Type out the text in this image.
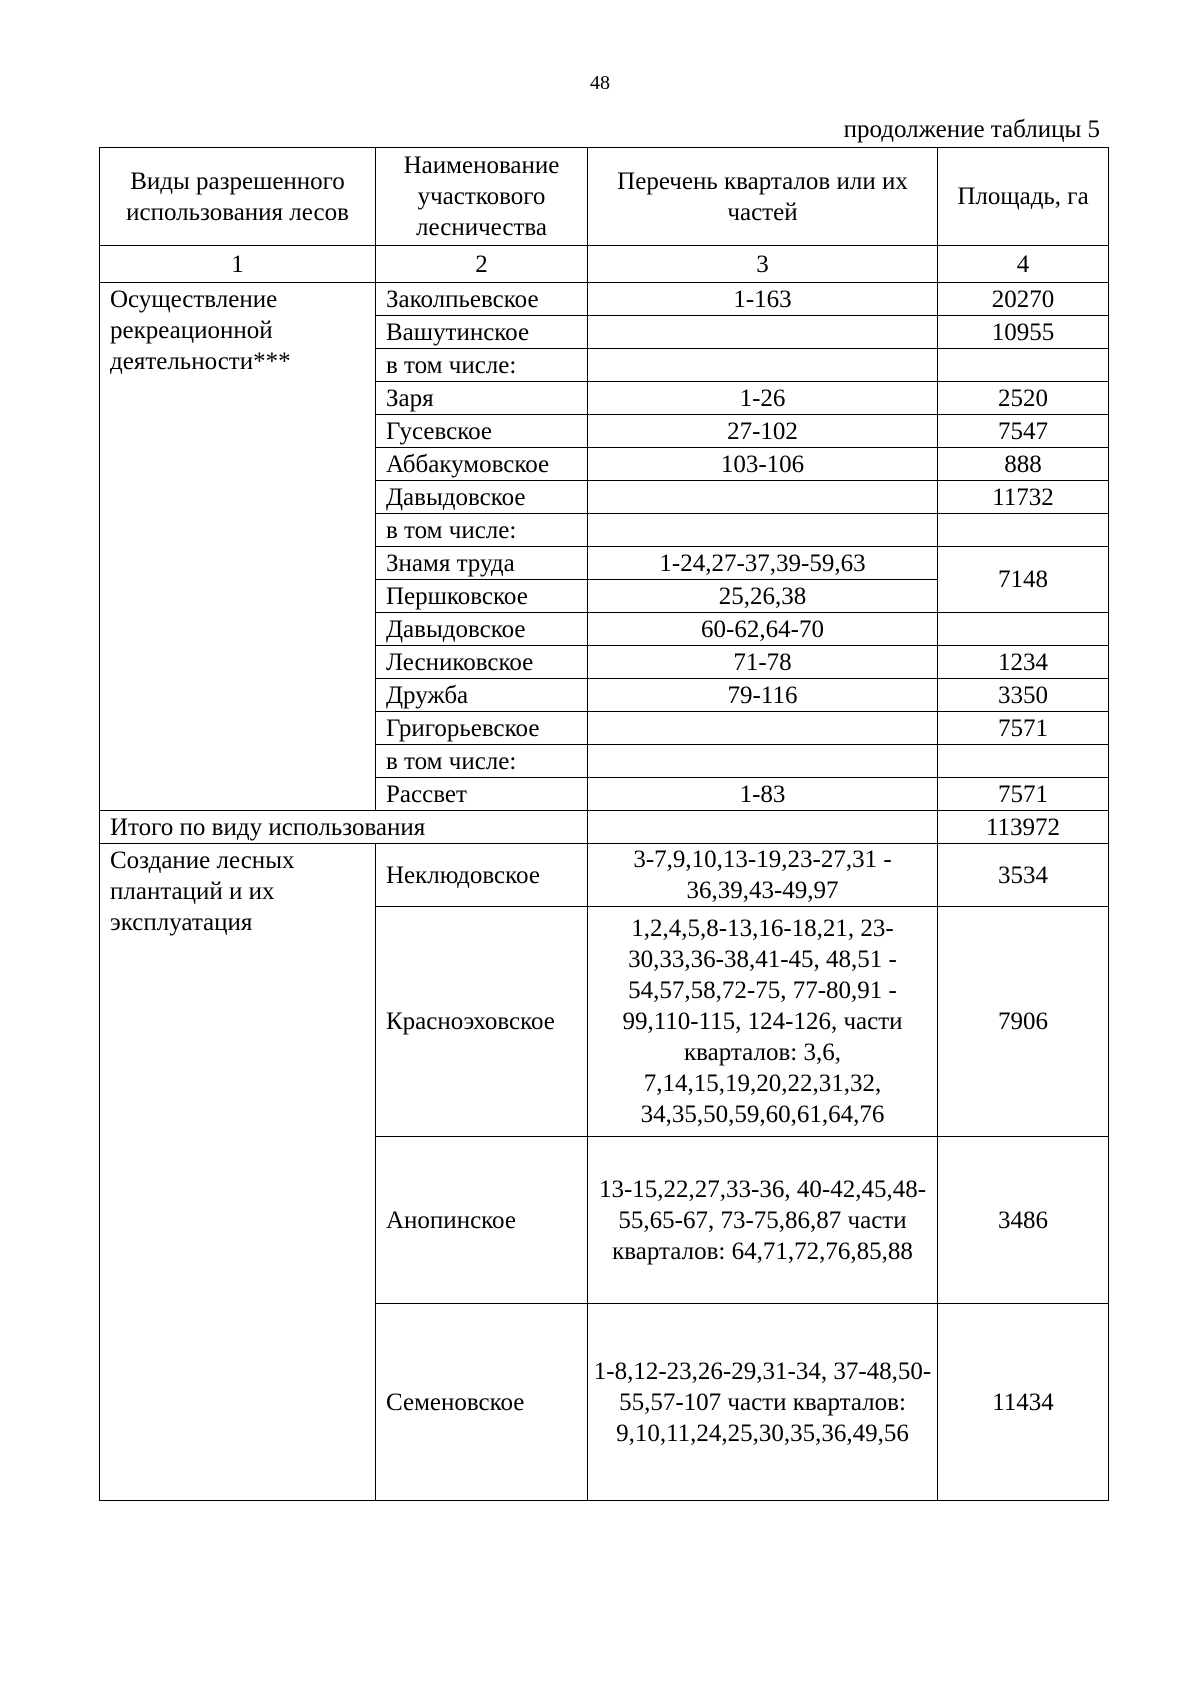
48
продолжение таблицы 5
Виды разрешенного использования лесов	Наименование участкового лесничества	Перечень кварталов или их частей	Площадь, га
1	2	3	4
Осуществление рекреационной деятельности***	Заколпьевское	1-163	20270
	Вашутинское		10955
	в том числе:		
	Заря	1-26	2520
	Гусевское	27-102	7547
	Аббакумовское	103-106	888
	Давыдовское		11732
	в том числе:		
	Знамя труда	1-24,27-37,39-59,63	7148
	Першковское	25,26,38	
	Давыдовское	60-62,64-70	
	Лесниковское	71-78	1234
	Дружба	79-116	3350
	Григорьевское		7571
	в том числе:		
	Рассвет	1-83	7571
Итого по виду использования			113972
Создание лесных плантаций и их эксплуатация	Неклюдовское	3-7,9,10,13-19,23-27,31 - 36,39,43-49,97	3534
	Красноэховское	1,2,4,5,8-13,16-18,21, 23-30,33,36-38,41-45, 48,51 - 54,57,58,72-75, 77-80,91 - 99,110-115, 124-126, части кварталов: 3,6, 7,14,15,19,20,22,31,32, 34,35,50,59,60,61,64,76	7906
	Анопинское	13-15,22,27,33-36, 40-42,45,48-55,65-67, 73-75,86,87 части кварталов: 64,71,72,76,85,88	3486
	Семеновское	1-8,12-23,26-29,31-34, 37-48,50-55,57-107 части кварталов: 9,10,11,24,25,30,35,36,49,56	11434
